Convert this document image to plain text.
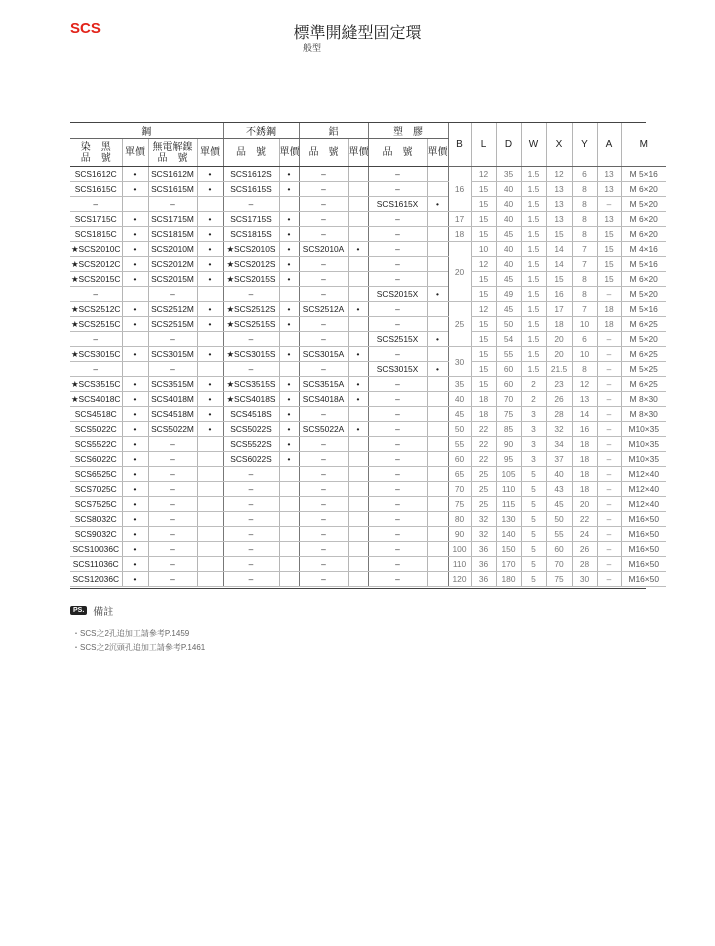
SCS	標準開縫型固定環
般型
鋼				不銹鋼		鋁		塑　膠		B	L	D	W	X	Y	A	M
染　黑
品　號	單價	無電解鎳
品　號	單價	品　號	單價	品　號	單價	品　號	單價								
SCS1612C	•	SCS1612M	•	SCS1612S	•	–		–		16	12	35	1.5	12	6	13	M 5×16
SCS1615C	•	SCS1615M	•	SCS1615S	•	–		–			15	40	1.5	13	8	13	M 6×20
–		–		–		–		SCS1615X	•		15	40	1.5	13	8	–	M 5×20
SCS1715C	•	SCS1715M	•	SCS1715S	•	–		–		17	15	40	1.5	13	8	13	M 6×20
SCS1815C	•	SCS1815M	•	SCS1815S	•	–		–		18	15	45	1.5	15	8	15	M 6×20
★SCS2010C	•	SCS2010M	•	★SCS2010S	•	SCS2010A	•	–		20	10	40	1.5	14	7	15	M 4×16
★SCS2012C	•	SCS2012M	•	★SCS2012S	•	–		–			12	40	1.5	14	7	15	M 5×16
★SCS2015C	•	SCS2015M	•	★SCS2015S	•	–		–			15	45	1.5	15	8	15	M 6×20
–		–		–		–		SCS2015X	•		15	49	1.5	16	8	–	M 5×20
★SCS2512C	•	SCS2512M	•	★SCS2512S	•	SCS2512A	•	–		25	12	45	1.5	17	7	18	M 5×16
★SCS2515C	•	SCS2515M	•	★SCS2515S	•	–		–			15	50	1.5	18	10	18	M 6×25
–		–		–		–		SCS2515X	•		15	54	1.5	20	6	–	M 5×20
★SCS3015C	•	SCS3015M	•	★SCS3015S	•	SCS3015A	•	–		30	15	55	1.5	20	10	–	M 6×25
–		–		–		–		SCS3015X	•		15	60	1.5	21.5	8	–	M 5×25
★SCS3515C	•	SCS3515M	•	★SCS3515S	•	SCS3515A	•	–		35	15	60	2	23	12	–	M 6×25
★SCS4018C	•	SCS4018M	•	★SCS4018S	•	SCS4018A	•	–		40	18	70	2	26	13	–	M 8×30
SCS4518C	•	SCS4518M	•	SCS4518S	•	–		–		45	18	75	3	28	14	–	M 8×30
SCS5022C	•	SCS5022M	•	SCS5022S	•	SCS5022A	•	–		50	22	85	3	32	16	–	M10×35
SCS5522C	•	–		SCS5522S	•	–		–		55	22	90	3	34	18	–	M10×35
SCS6022C	•	–		SCS6022S	•	–		–		60	22	95	3	37	18	–	M10×35
SCS6525C	•	–		–		–		–		65	25	105	5	40	18	–	M12×40
SCS7025C	•	–		–		–		–		70	25	110	5	43	18	–	M12×40
SCS7525C	•	–		–		–		–		75	25	115	5	45	20	–	M12×40
SCS8032C	•	–		–		–		–		80	32	130	5	50	22	–	M16×50
SCS9032C	•	–		–		–		–		90	32	140	5	55	24	–	M16×50
SCS10036C	•	–		–		–		–		100	36	150	5	60	26	–	M16×50
SCS11036C	•	–		–		–		–		110	36	170	5	70	28	–	M16×50
SCS12036C	•	–		–		–		–		120	36	180	5	75	30	–	M16×50
PS. 備註
・SCS之2孔追加工請參考P.1459
・SCS之2沉頭孔追加工請參考P.1461
